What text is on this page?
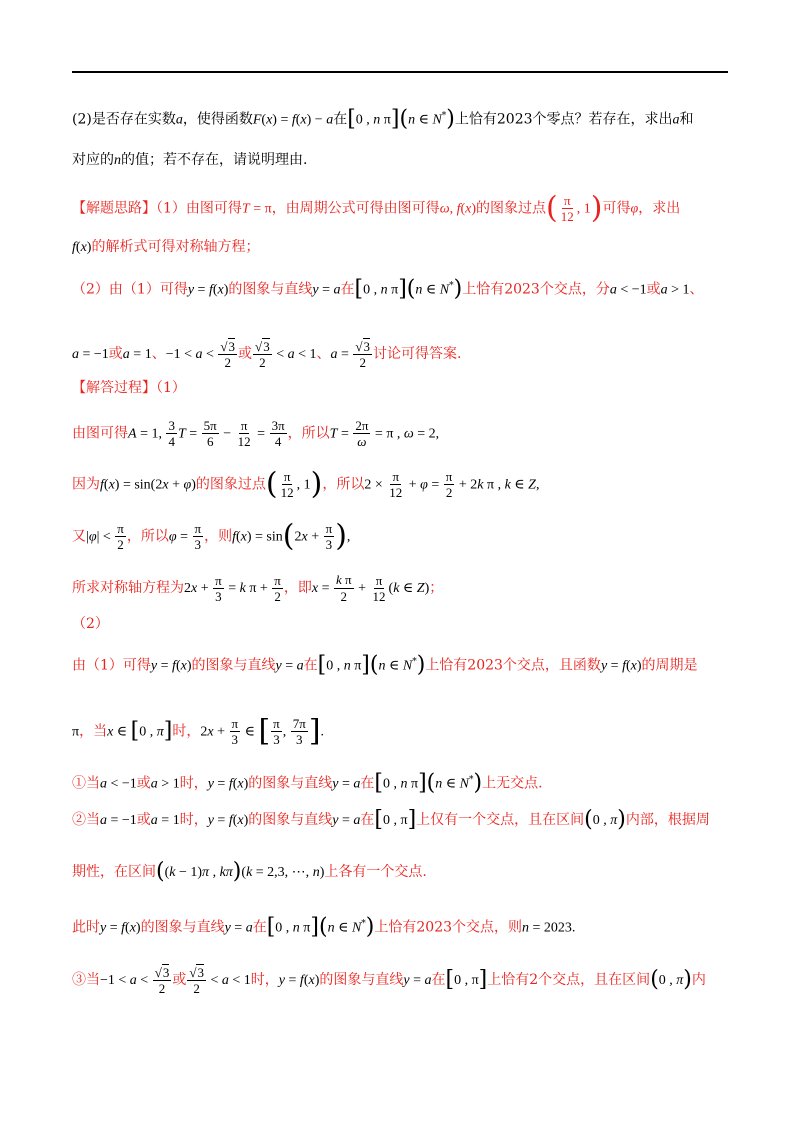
(2)是否存在实数a，使得函数F(x) = f(x) − a在[0 , n π](n ∈ N*)上恰有2023个零点？若存在，求出a和
对应的n的值；若不存在，请说明理由.
【解题思路】（1）由图可得T = π，由周期公式可得由图可得ω, f(x)的图象过点( $\frac{\pi}{12}$ , 1)可得φ，求出
f(x)的解析式可得对称轴方程；
（2）由（1）可得y = f(x)的图象与直线y = a在[0 , n π](n ∈ N*)上恰有2023个交点，分a < −1或a > 1、
a = −1或a = 1、$-1 < a < \frac{√3}{2}$ 或 $\frac{√3}{2} < a < 1$、$a = \frac{√3}{2}$ 讨论可得答案.
【解答过程】（1）
由图可得A = 1, $\frac{3}{4}$ $T = \frac{5\pi}{6} - \frac{\pi}{12} = \frac{3\pi}{4}$ ，所以$T = \frac{2\pi}{\omega} = \pi$ , ω = 2,
因为f(x) = sin(2x + φ)的图象过点( $\frac{\pi}{12}$ , 1)，所以$2 \times \frac{\pi}{12} + \varphi = \frac{\pi}{2} + 2k$ π , k ∈ Z,
又$|\varphi| < \frac{\pi}{2}$ ，所以$\varphi = \frac{\pi}{3}$ ，则$f(x) = \sin(2x + \frac{\pi}{3}$ ),
所求对称轴方程为$2x + \frac{\pi}{3} = k$ $\pi + \frac{\pi}{2}$ ，即$x = \frac{\text{k π}}{2} + \frac{\pi}{12} (k$ ∈ Z)；
（2）
由（1）可得y = f(x)的图象与直线y = a在[0 , n π](n ∈ N*)上恰有2023个交点，且函数y = f(x)的周期是
π，当x ∈ [0 , π]时，$2x + \frac{\pi}{3}$ ∈ [ $\frac{\pi}{3}$ , $\frac{7\pi}{3}$ ].
①当a < −1或a > 1时，y = f(x)的图象与直线y = a在[0 , n π](n ∈ N*)上无交点.
②当a = −1或a = 1时，y = f(x)的图象与直线y = a在[0 , π]上仅有一个交点，且在区间(0 , π)内部，根据周
期性，在区间((k − 1)π , kπ)(k = 2,3, ⋯, n)上各有一个交点.
此时y = f(x)的图象与直线y = a在[0 , n π](n ∈ N*)上恰有2023个交点，则n = 2023.
③当$-1 < a < \frac{√3}{2}$ 或 $\frac{√3}{2} < a < 1$时，y = f(x)的图象与直线y = a在[0 , π]上恰有2个交点，且在区间(0 , π)内
